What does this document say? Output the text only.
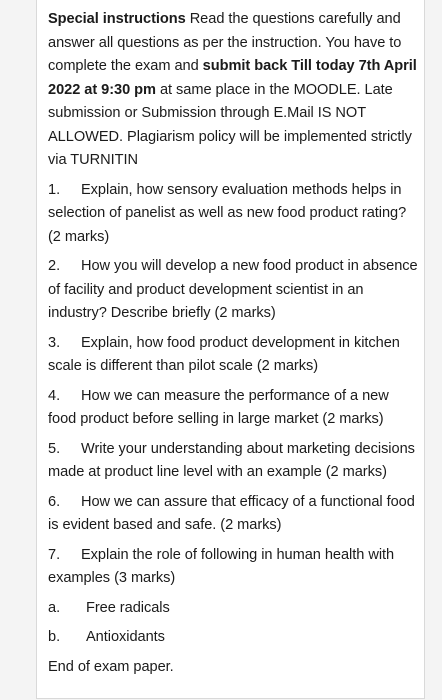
Special instructions Read the questions carefully and answer all questions as per the instruction. You have to complete the exam and submit back Till today 7th April 2022 at 9:30 pm at same place in the MOODLE. Late submission or Submission through E.Mail IS NOT ALLOWED. Plagiarism policy will be implemented strictly via TURNITIN

1. Explain, how sensory evaluation methods helps in selection of panelist as well as new food product rating? (2 marks)

2. How you will develop a new food product in absence of facility and product development scientist in an industry? Describe briefly (2 marks)

3. Explain, how food product development in kitchen scale is different than pilot scale (2 marks)

4. How we can measure the performance of a new food product before selling in large market (2 marks)

5. Write your understanding about marketing decisions made at product line level with an example (2 marks)

6. How we can assure that efficacy of a functional food is evident based and safe. (2 marks)

7. Explain the role of following in human health with examples (3 marks)

a. Free radicals

b. Antioxidants

End of exam paper.
